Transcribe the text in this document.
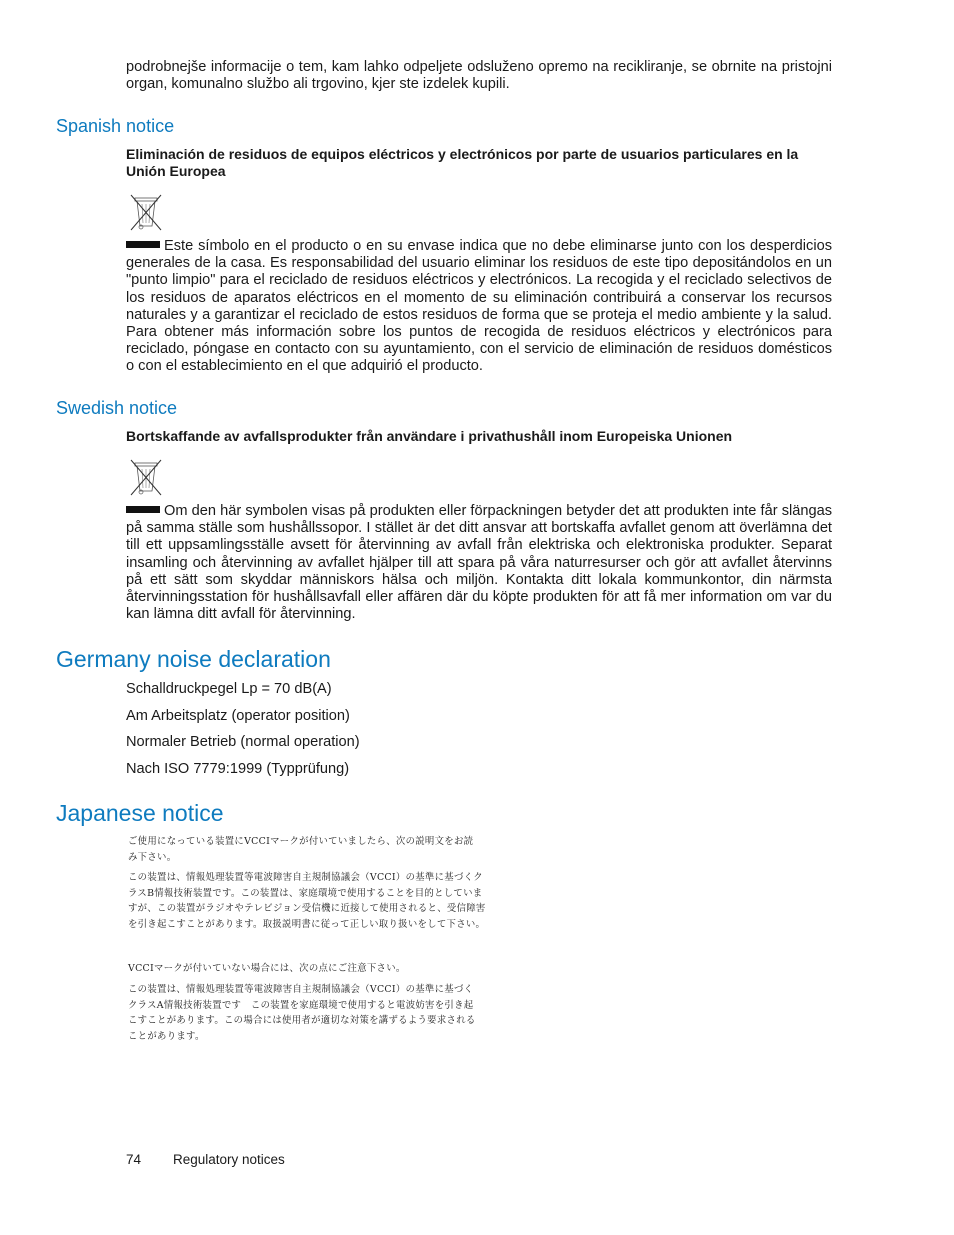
podrobnejše informacije o tem, kam lahko odpeljete odsluženo opremo na recikliranje, se obrnite na pristojni organ, komunalno službo ali trgovino, kjer ste izdelek kupili.

Spanish notice

Eliminación de residuos de equipos eléctricos y electrónicos por parte de usuarios particulares en la Unión Europea

Este símbolo en el producto o en su envase indica que no debe eliminarse junto con los desperdicios generales de la casa. Es responsabilidad del usuario eliminar los residuos de este tipo depositándolos en un "punto limpio" para el reciclado de residuos eléctricos y electrónicos. La recogida y el reciclado selectivos de los residuos de aparatos eléctricos en el momento de su eliminación contribuirá a conservar los recursos naturales y a garantizar el reciclado de estos residuos de forma que se proteja el medio ambiente y la salud. Para obtener más información sobre los puntos de recogida de residuos eléctricos y electrónicos para reciclado, póngase en contacto con su ayuntamiento, con el servicio de eliminación de residuos domésticos o con el establecimiento en el que adquirió el producto.

Swedish notice

Bortskaffande av avfallsprodukter från användare i privathushåll inom Europeiska Unionen

Om den här symbolen visas på produkten eller förpackningen betyder det att produkten inte får slängas på samma ställe som hushållssopor. I stället är det ditt ansvar att bortskaffa avfallet genom att överlämna det till ett uppsamlingsställe avsett för återvinning av avfall från elektriska och elektroniska produkter. Separat insamling och återvinning av avfallet hjälper till att spara på våra naturresurser och gör att avfallet återvinns på ett sätt som skyddar människors hälsa och miljön. Kontakta ditt lokala kommunkontor, din närmsta återvinningsstation för hushållsavfall eller affären där du köpte produkten för att få mer information om var du kan lämna ditt avfall för återvinning.

Germany noise declaration

Schalldruckpegel Lp = 70 dB(A)

Am Arbeitsplatz (operator position)

Normaler Betrieb (normal operation)

Nach ISO 7779:1999 (Typprüfung)

Japanese notice

ご使用になっている装置にVCCIマークが付いていましたら、次の説明文をお読み下さい。

この装置は、情報処理装置等電波障害自主規制協議会（VCCI）の基準に基づくクラスB情報技術装置です。この装置は、家庭環境で使用することを目的としていますが、この装置がラジオやテレビジョン受信機に近接して使用されると、受信障害を引き起こすことがあります。取扱説明書に従って正しい取り扱いをして下さい。

VCCIマークが付いていない場合には、次の点にご注意下さい。

この装置は、情報処理装置等電波障害自主規制協議会（VCCI）の基準に基づくクラスA情報技術装置です　この装置を家庭環境で使用すると電波妨害を引き起こすことがあります。この場合には使用者が適切な対策を講ずるよう要求されることがあります。

74 Regulatory notices
